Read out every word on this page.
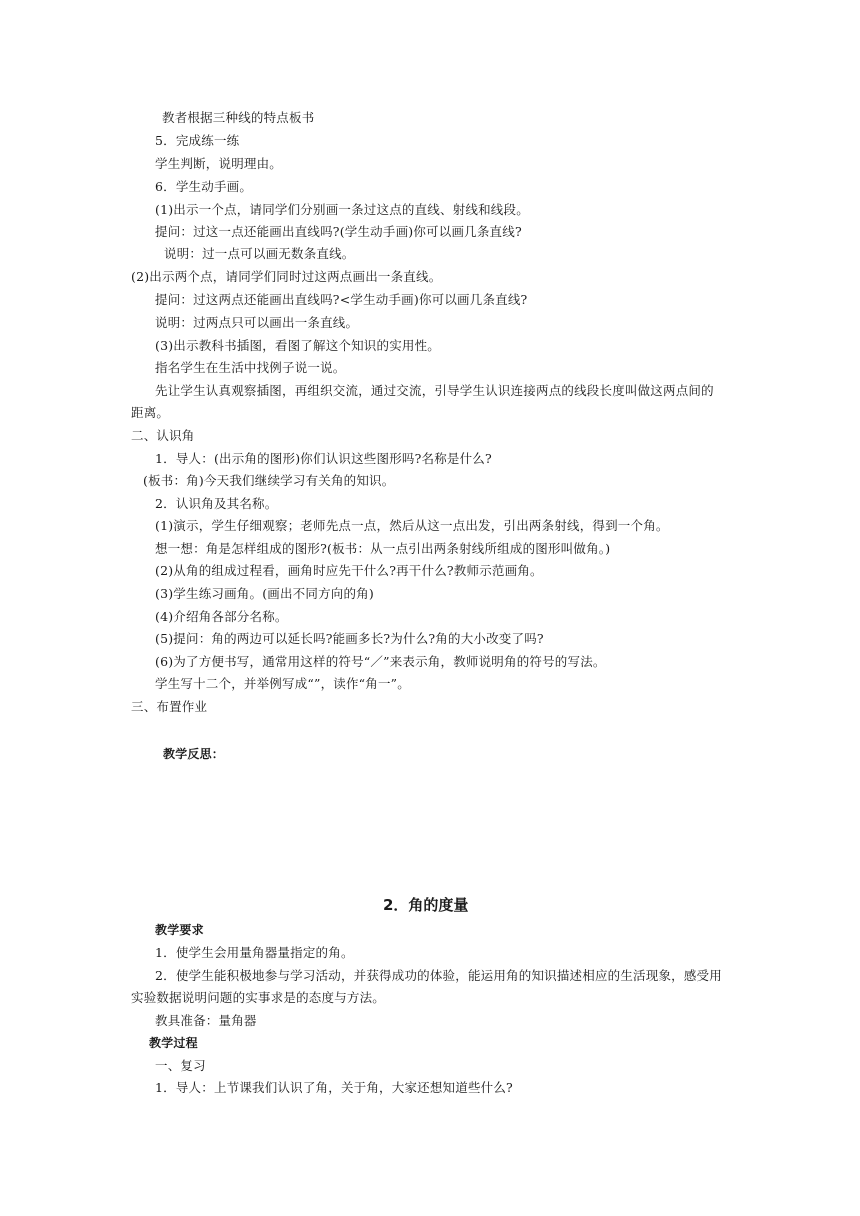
教者根据三种线的特点板书
5．完成练一练
学生判断，说明理由。
6．学生动手画。
(1)出示一个点，请同学们分别画一条过这点的直线、射线和线段。
提问：过这一点还能画出直线吗?(学生动手画)你可以画几条直线?
说明：过一点可以画无数条直线。
(2)出示两个点，请同学们同时过这两点画出一条直线。
提问：过这两点还能画出直线吗?<学生动手画)你可以画几条直线?
说明：过两点只可以画出一条直线。
(3)出示教科书插图，看图了解这个知识的实用性。
指名学生在生活中找例子说一说。
先让学生认真观察插图，再组织交流，通过交流，引导学生认识连接两点的线段长度叫做这两点间的
距离。
二、认识角
1．导人：(出示角的图形)你们认识这些图形吗?名称是什么?
(板书：角)今天我们继续学习有关角的知识。
2．认识角及其名称。
(1)演示，学生仔细观察；老师先点一点，然后从这一点出发，引出两条射线，得到一个角。
想一想：角是怎样组成的图形?(板书：从一点引出两条射线所组成的图形叫做角。)
(2)从角的组成过程看，画角时应先干什么?再干什么?教师示范画角。
(3)学生练习画角。(画出不同方向的角)
(4)介绍角各部分名称。
(5)提问：角的两边可以延长吗?能画多长?为什么?角的大小改变了吗?
(6)为了方便书写，通常用这样的符号“／”来表示角，教师说明角的符号的写法。
学生写十二个，并举例写成“”，读作“角一”。
三、布置作业
教学反思：
2．角的度量
教学要求
1．使学生会用量角器量指定的角。
2．使学生能积极地参与学习活动，并获得成功的体验，能运用角的知识描述相应的生活现象，感受用
实验数据说明问题的实事求是的态度与方法。
教具准备：量角器
教学过程
一、复习
1．导人：上节课我们认识了角，关于角，大家还想知道些什么?
